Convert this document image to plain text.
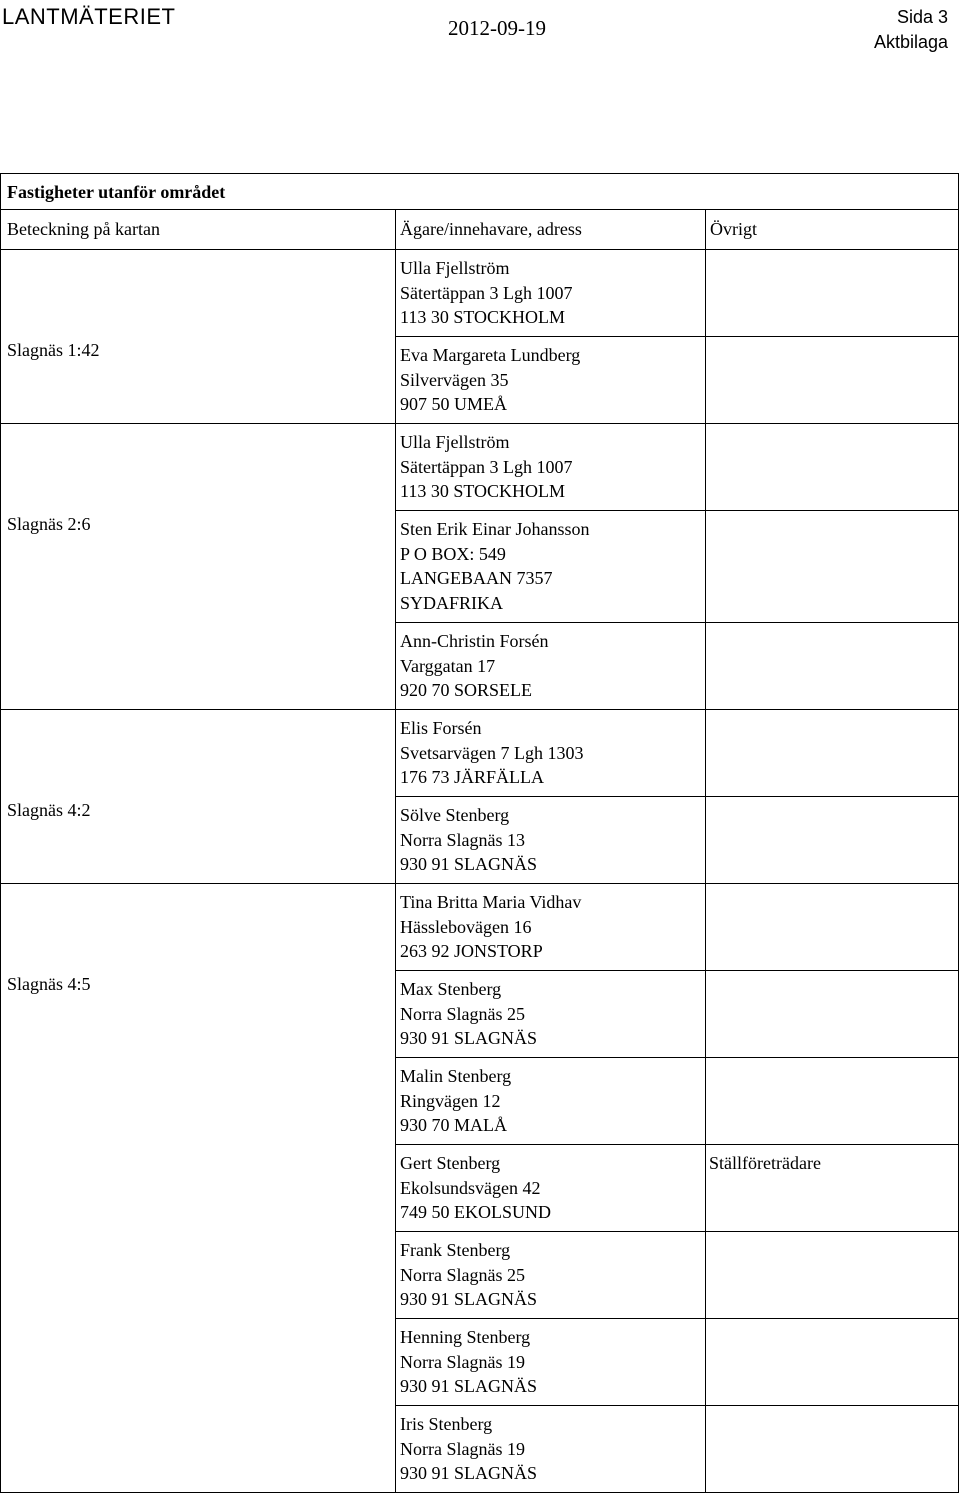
LANTMÄTERIET	2012-09-19	Sida 3
Aktbilaga
Fastigheter utanför området		
Beteckning på kartan	Ägare/innehavare, adress	Övrigt
Slagnäs 1:42	Ulla Fjellström
Sätertäppan 3 Lgh 1007
113 30 STOCKHOLM	

	Eva Margareta Lundberg
Silvervägen 35
907 50 UMEÅ	

Slagnäs 2:6	Ulla Fjellström
Sätertäppan 3 Lgh 1007
113 30 STOCKHOLM	

	Sten Erik Einar Johansson
P O BOX: 549
LANGEBAAN 7357
SYDAFRIKA	

	Ann-Christin Forsén
Varggatan 17
920 70 SORSELE	

Slagnäs 4:2	Elis Forsén
Svetsarvägen 7 Lgh 1303
176 73 JÄRFÄLLA	

	Sölve Stenberg
Norra Slagnäs 13
930 91 SLAGNÄS	

Slagnäs 4:5	Tina Britta Maria Vidhav
Hässlebovägen 16
263 92 JONSTORP	

	Max Stenberg
Norra Slagnäs 25
930 91 SLAGNÄS	

	Malin Stenberg
Ringvägen 12
930 70 MALÅ	

	Gert Stenberg
Ekolsundsvägen 42
749 50 EKOLSUND	Ställföreträdare

	Frank Stenberg
Norra Slagnäs 25
930 91 SLAGNÄS	

	Henning Stenberg
Norra Slagnäs 19
930 91 SLAGNÄS	

	Iris Stenberg
Norra Slagnäs 19
930 91 SLAGNÄS	
